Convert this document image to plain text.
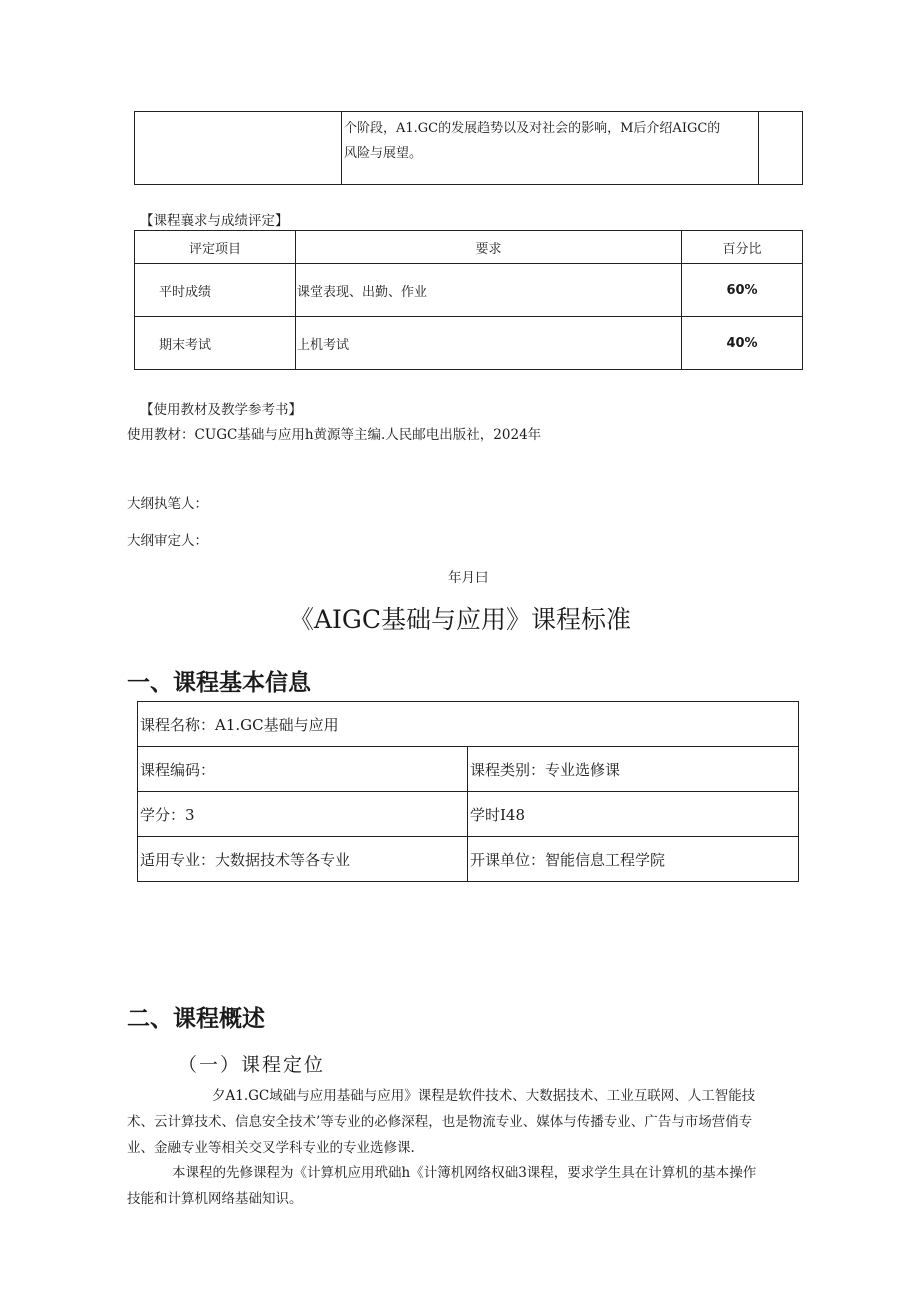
个阶段，A1.GC的发展趋势以及对社会的影响，M后介绍AIGC的
风险与展望。

【课程襄求与成绩评定】
评定项目	要求	百分比
平时成绩	课堂表现、出勤、作业	60%
期末考试	上机考试	40%
【使用教材及教学参考书】
使用教材：CUGC基础与应用h黄源等主编.人民邮电出版社，2024年
大纲执笔人：
大纲审定人：
年月曰
《AIGC基础与应用》课程标准
一、课程基本信息
课程名称：A1.GC基础与应用	
课程编码：	课程类别：专业选修课
学分：3	学时I48
适用专业：大数据技术等各专业	开课单位：智能信息工程学院
二、课程概述
（一）课程定位
夕A1.GC域础与应用基础与应用》课程是软件技术、大数据技术、工业互联网、人工智能技
术、云计算技术、信息安全技术’等专业的必修深程，也是物流专业、媒体与传播专业、广告与市场营俏专
业、金融专业等相关交叉学科专业的专业选修课.
本课程的先修课程为《计算机应用玳础h《计簿机网络权础3课程，要求学生具在计算机的基本操作
技能和计算机网络基础知识。
